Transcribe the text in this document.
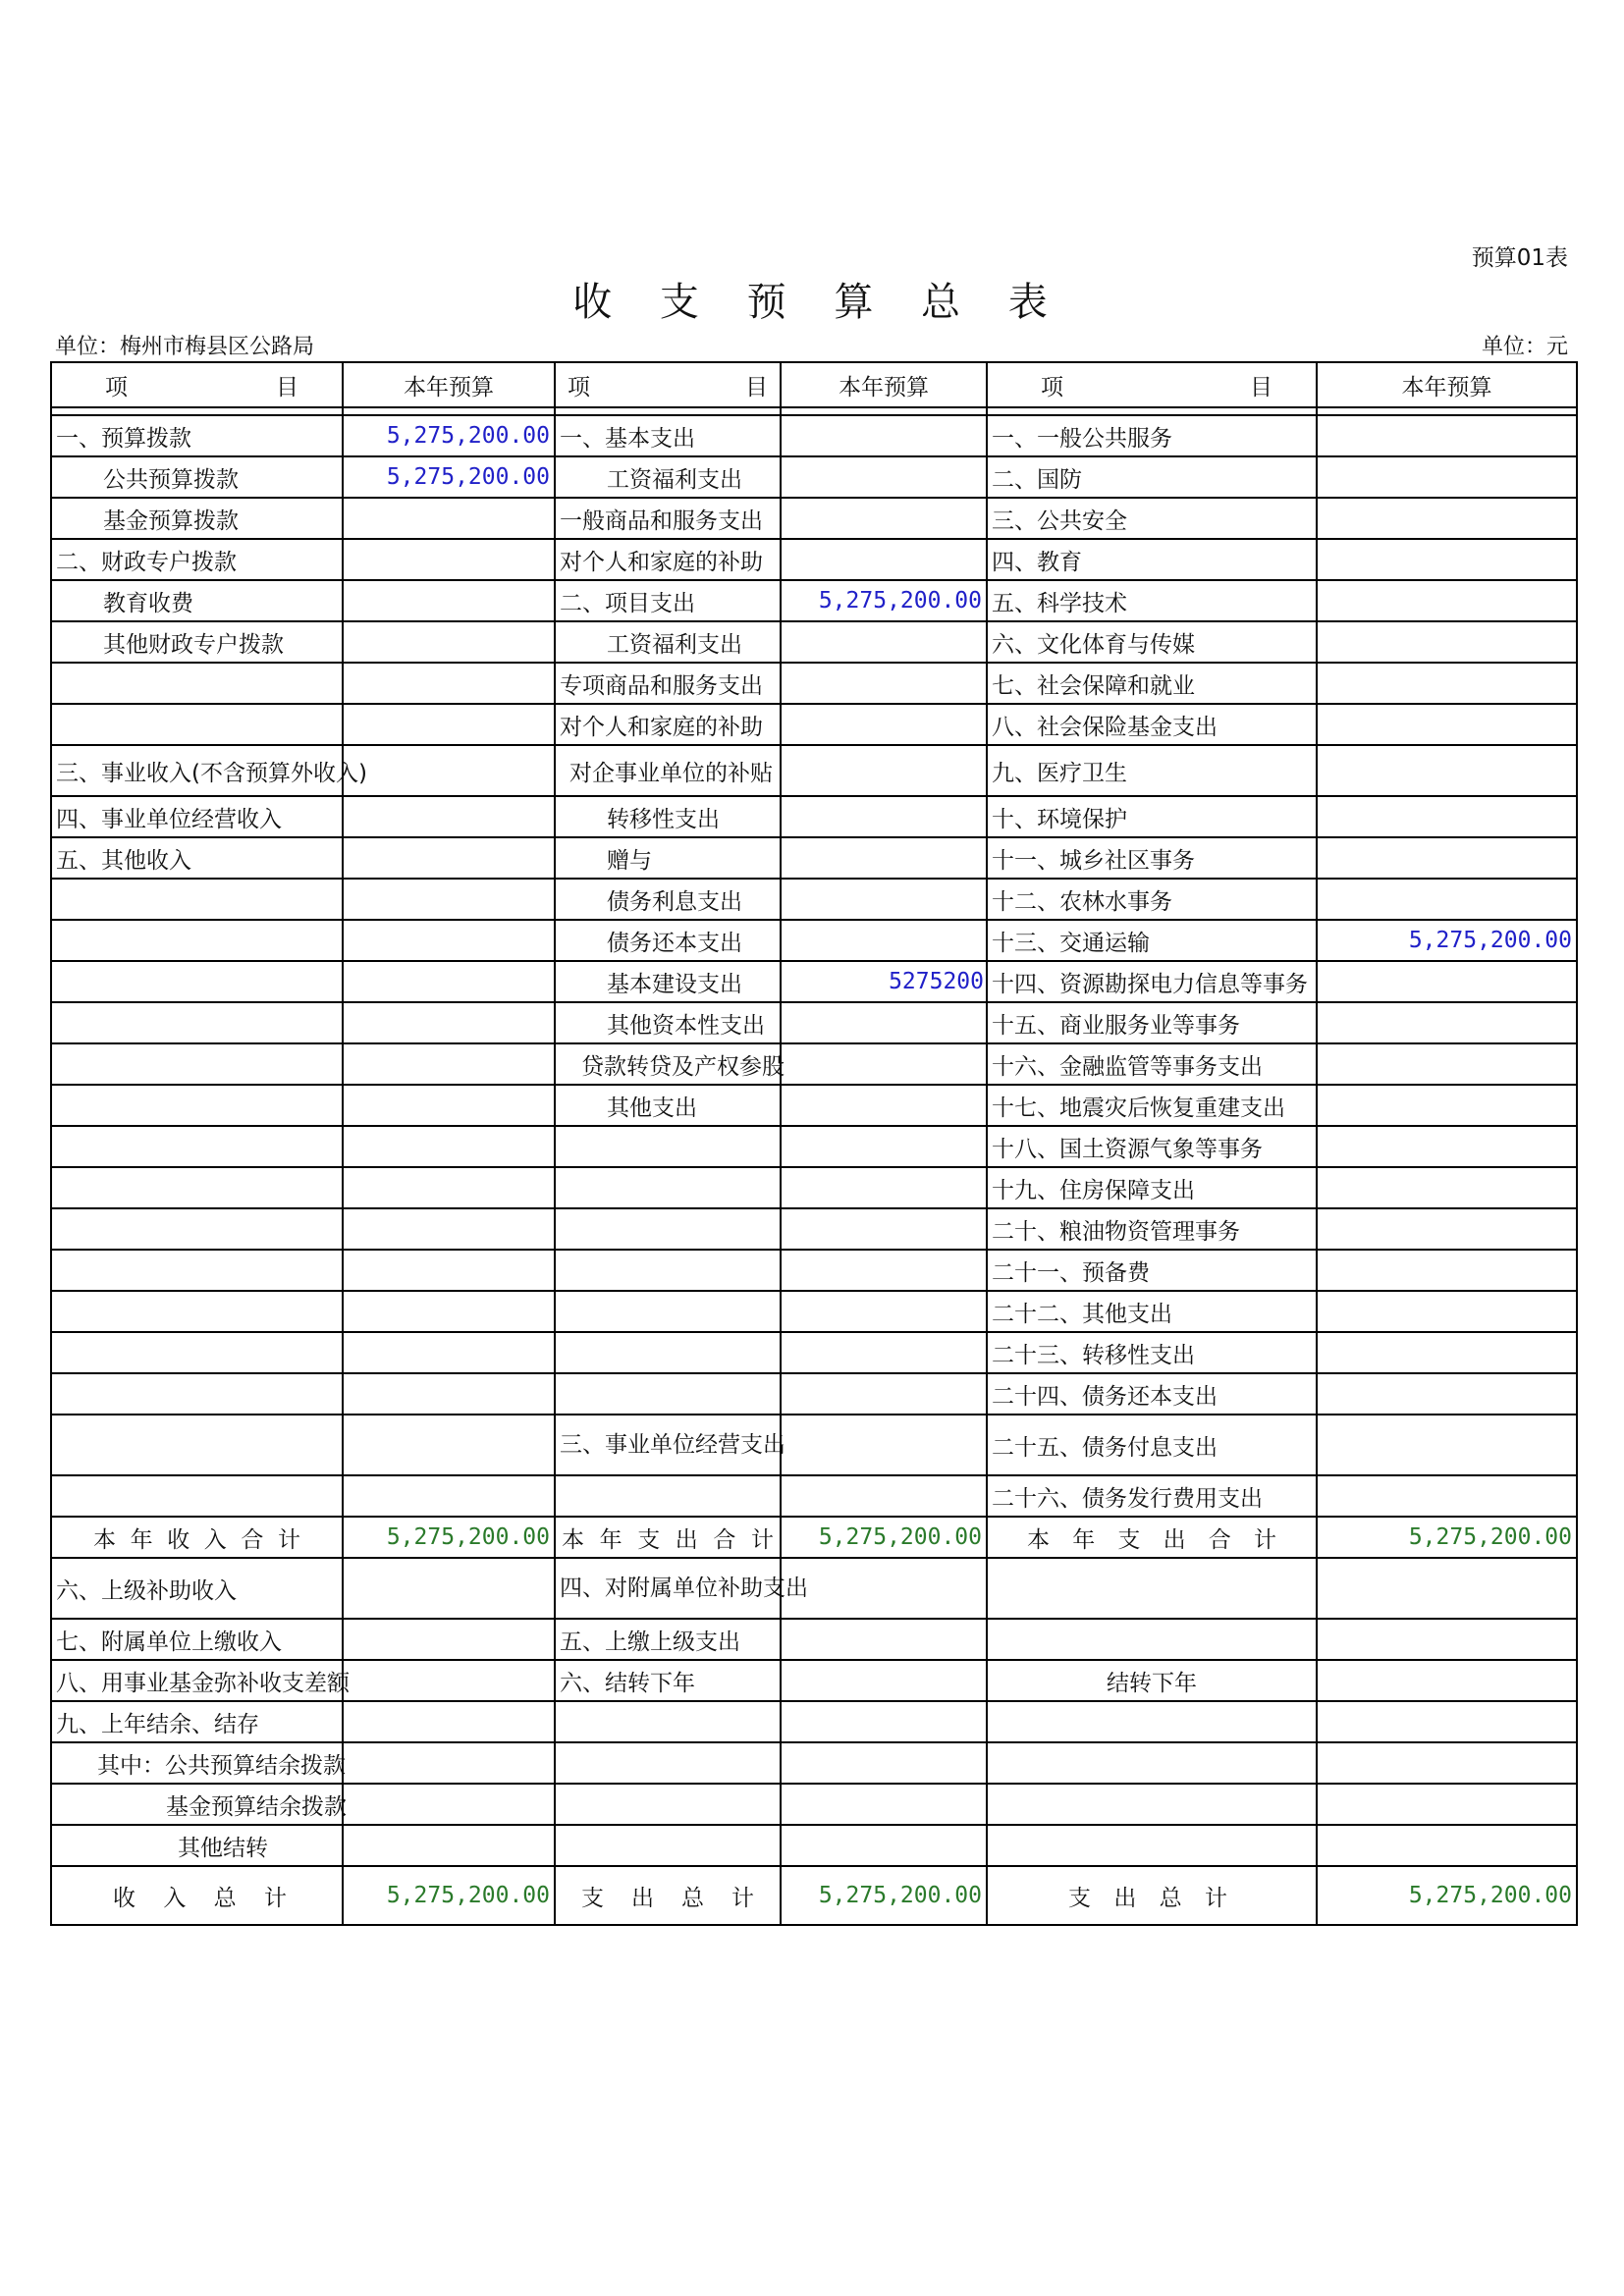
预算01表
收 支 预 算 总 表
单位：梅州市梅县区公路局	单位：元
项 目	本年预算	项 目	本年预算	项 目	本年预算

一、预算拨款	5,275,200.00	一、基本支出		一、一般公共服务	
公共预算拨款	5,275,200.00	工资福利支出		二、国防	
基金预算拨款		一般商品和服务支出		三、公共安全	
二、财政专户拨款		对个人和家庭的补助		四、教育	
教育收费		二、项目支出	5,275,200.00	五、科学技术	
其他财政专户拨款		工资福利支出		六、文化体育与传媒	
		专项商品和服务支出		七、社会保障和就业	
		对个人和家庭的补助		八、社会保险基金支出	
三、事业收入(不含预算外收入)		对企事业单位的补贴		九、医疗卫生	
四、事业单位经营收入		转移性支出		十、环境保护	
五、其他收入		赠与		十一、城乡社区事务	
		债务利息支出		十二、农林水事务	
		债务还本支出		十三、交通运输	5,275,200.00
		基本建设支出	5275200	十四、资源勘探电力信息等事务	
		其他资本性支出		十五、商业服务业等事务	
		贷款转贷及产权参股		十六、金融监管等事务支出	
		其他支出		十七、地震灾后恢复重建支出	
				十八、国土资源气象等事务	
				十九、住房保障支出	
				二十、粮油物资管理事务	
				二十一、预备费	
				二十二、其他支出	
				二十三、转移性支出	
				二十四、债务还本支出	
		三、事业单位经营支出		二十五、债务付息支出	
				二十六、债务发行费用支出	
本年收入合计	5,275,200.00	本年支出合计	5,275,200.00	本年支出合计	5,275,200.00
六、上级补助收入		四、对附属单位补助支出			
七、附属单位上缴收入		五、上缴上级支出			
八、用事业基金弥补收支差额		六、结转下年		结转下年	
九、上年结余、结存					
其中：公共预算结余拨款					
基金预算结余拨款					
其他结转					
收入总计	5,275,200.00	支出总计	5,275,200.00	支出总计	5,275,200.00
